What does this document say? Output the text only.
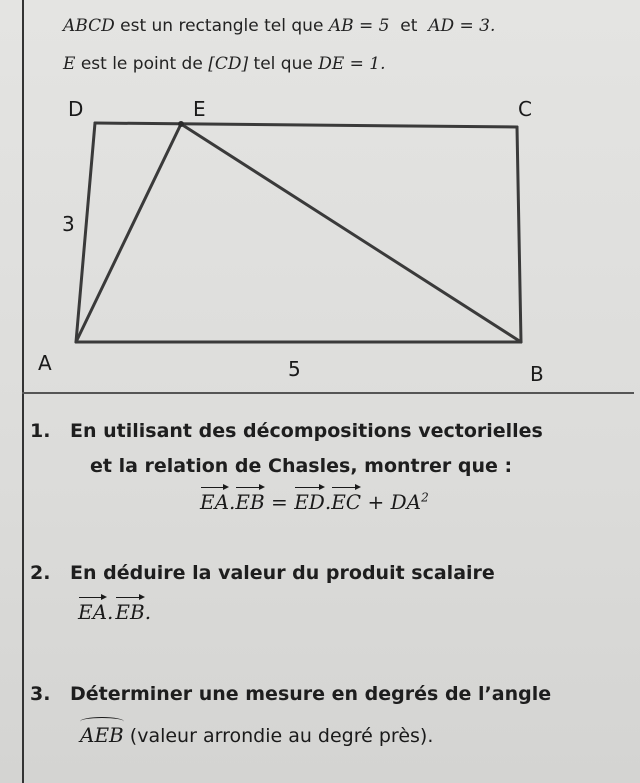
ABCD est un rectangle tel que AB = 5  et  AD = 3.
E est le point de [CD] tel que DE = 1.
D	E	C
A	B
3
5
1. En utilisant des décompositions vectorielles
et la relation de Chasles, montrer que :
$EA.EB = ED.EC + DA^2$
2. En déduire la valeur du produit scalaire
EA. EB.
3. Déterminer une mesure en degrés de l’angle
AEB (valeur arrondie au degré près).
